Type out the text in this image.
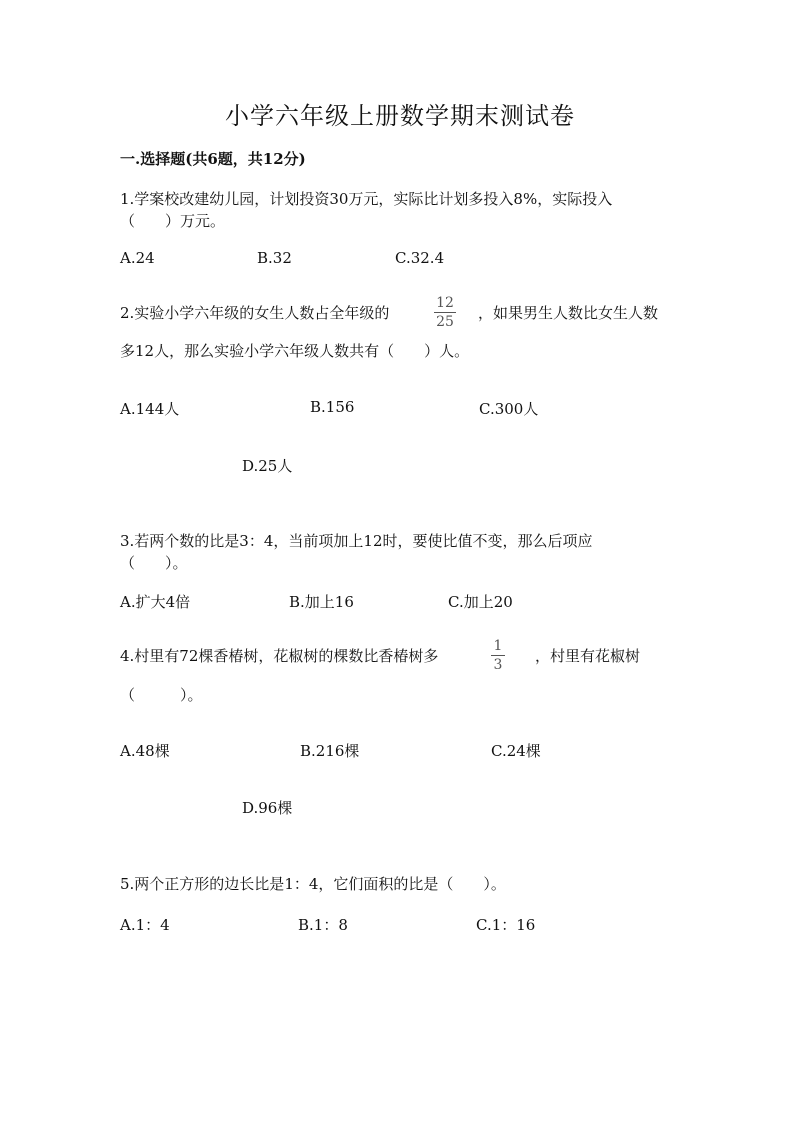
小学六年级上册数学期末测试卷
一.选择题(共6题，共12分)
1.学案校改建幼儿园，计划投资30万元，实际比计划多投入8%，实际投入
（　　）万元。
A.24	B.32	C.32.4
2.实验小学六年级的女生人数占全年级的
12
25 ，如果男生人数比女生人数
多12人，那么实验小学六年级人数共有（　　）人。
A.144人	B.156	C.300人
D.25人
3.若两个数的比是3：4，当前项加上12时，要使比值不变，那么后项应
（　　）。
A.扩大4倍	B.加上16	C.加上20
4.村里有72棵香椿树，花椒树的棵数比香椿树多
1
3 ，村里有花椒树
（　　　）。
A.48棵	B.216棵	C.24棵
D.96棵
5.两个正方形的边长比是1：4，它们面积的比是（　　）。
A.1：4	B.1：8	C.1：16
